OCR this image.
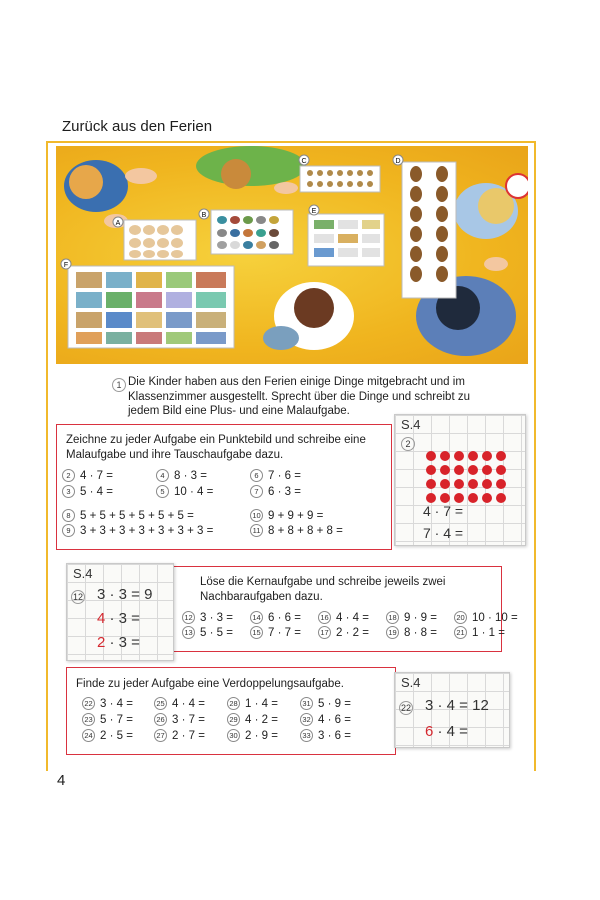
Zurück aus den Ferien
A
B
C	D
E
F
1 Die Kinder haben aus den Ferien einige Dinge mitgebracht und im Klassenzimmer ausgestellt. Sprecht über die Dinge und schreibt zu jedem Bild eine Plus- und eine Malaufgabe.
Zeichne zu jeder Aufgabe ein Punktebild und schreibe eine Malaufgabe und ihre Tauschaufgabe dazu.
2 4 · 7 =
3 5 · 4 =
4 8 · 3 =
5 10 · 4 =
6 7 · 6 =
7 6 · 3 =
8 5 + 5 + 5 + 5 + 5 + 5 =
9 3 + 3 + 3 + 3 + 3 + 3 + 3 =
10 9 + 9 + 9 =
11 8 + 8 + 8 + 8 =
S.4
2
4 · 7 =
7 · 4 =
Löse die Kernaufgabe und schreibe jeweils zwei Nachbaraufgaben dazu.
12 3 · 3 =
13 5 · 5 =
14 6 · 6 =
15 7 · 7 =
16 4 · 4 =
17 2 · 2 =
18 9 · 9 =
19 8 · 8 =
20 10 · 10 =
21 1 · 1 =
S.4
12 3 · 3 = 9
4 · 3 =
2 · 3 =
Finde zu jeder Aufgabe eine Verdoppelungsaufgabe.
22 3 · 4 =
23 5 · 7 =
24 2 · 5 =
25 4 · 4 =
26 3 · 7 =
27 2 · 7 =
28 1 · 4 =
29 4 · 2 =
30 2 · 9 =
31 5 · 9 =
32 4 · 6 =
33 3 · 6 =
S.4
22 3 · 4 = 12
6 · 4 =
4
